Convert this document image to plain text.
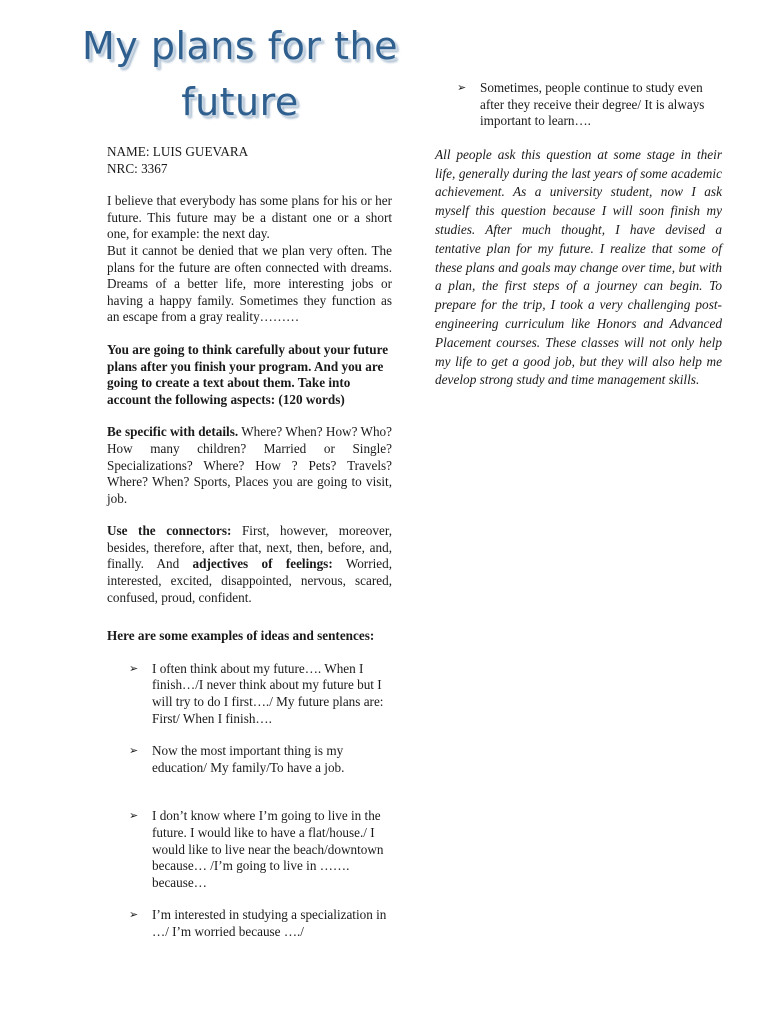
My plans for the future

NAME: LUIS GUEVARA

NRC: 3367

I believe that everybody has some plans for his or her future. This future may be a distant one or a short one, for example: the next day.

But it cannot be denied that we plan very often. The plans for the future are often connected with dreams. Dreams of a better life, more interesting jobs or having a happy family. Sometimes they function as an escape from a gray reality………

You are going to think carefully about your future plans after you finish your program. And you are going to create a text about them. Take into account the following aspects: (120 words)

Be specific with details. Where? When? How? Who? How many children? Married or Single? Specializations? Where? How ? Pets? Travels? Where? When? Sports, Places you are going to visit, job.

Use the connectors: First, however, moreover, besides, therefore, after that, next, then, before, and, finally. And adjectives of feelings: Worried, interested, excited, disappointed, nervous, scared, confused, proud, confident.

Here are some examples of ideas and sentences:

➢ I often think about my future…. When I finish…/I never think about my future but I will try to do I first…./ My future plans are: First/ When I finish….
➢ Now the most important thing is my education/ My family/To have a job.
➢ I don’t know where I’m going to live in the future. I would like to have a flat/house./ I would like to live near the beach/downtown because… /I’m going to live in ……. because…
➢ I’m interested in studying a specialization in …/ I’m worried because …./
➢ Sometimes, people continue to study even after they receive their degree/ It is always important to learn….

All people ask this question at some stage in their life, generally during the last years of some academic achievement. As a university student, now I ask myself this question because I will soon finish my studies. After much thought, I have devised a tentative plan for my future. I realize that some of these plans and goals may change over time, but with a plan, the first steps of a journey can begin. To prepare for the trip, I took a very challenging post-engineering curriculum like Honors and Advanced Placement courses. These classes will not only help my life to get a good job, but they will also help me develop strong study and time management skills.
